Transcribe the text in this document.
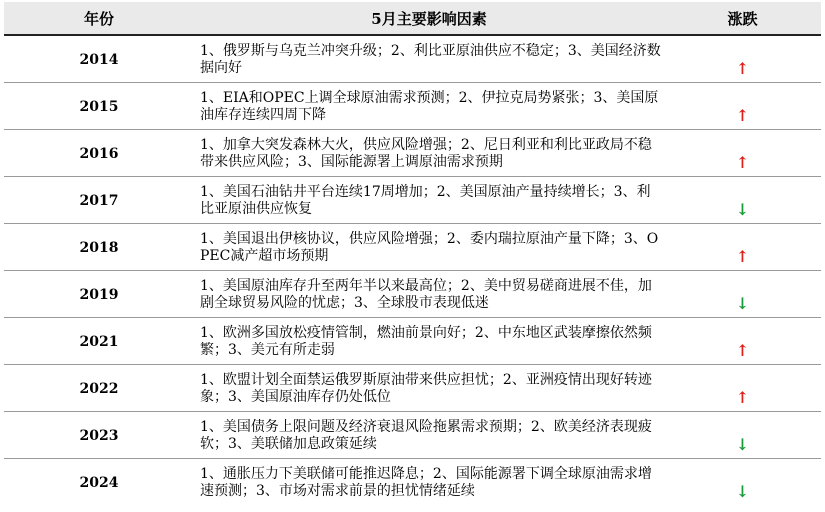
年份	5月主要影响因素	涨跌
2014	1、俄罗斯与乌克兰冲突升级；2、利比亚原油供应不稳定；3、美国经济数据向好	↑
2015	1、EIA和OPEC上调全球原油需求预测；2、伊拉克局势紧张；3、美国原油库存连续四周下降	↑
2016	1、加拿大突发森林大火，供应风险增强；2、尼日利亚和利比亚政局不稳带来供应风险；3、国际能源署上调原油需求预期	↑
2017	1、美国石油钻井平台连续17周增加；2、美国原油产量持续增长；3、利比亚原油供应恢复	↓
2018	1、美国退出伊核协议，供应风险增强；2、委内瑞拉原油产量下降；3、OPEC减产超市场预期	↑
2019	1、美国原油库存升至两年半以来最高位；2、美中贸易磋商进展不佳，加剧全球贸易风险的忧虑；3、全球股市表现低迷	↓
2021	1、欧洲多国放松疫情管制，燃油前景向好；2、中东地区武装摩擦依然频繁；3、美元有所走弱	↑
2022	1、欧盟计划全面禁运俄罗斯原油带来供应担忧；2、亚洲疫情出现好转迹象；3、美国原油库存仍处低位	↑
2023	1、美国债务上限问题及经济衰退风险拖累需求预期；2、欧美经济表现疲软；3、美联储加息政策延续	↓
2024	1、通胀压力下美联储可能推迟降息；2、国际能源署下调全球原油需求增速预测；3、市场对需求前景的担忧情绪延续	↓
